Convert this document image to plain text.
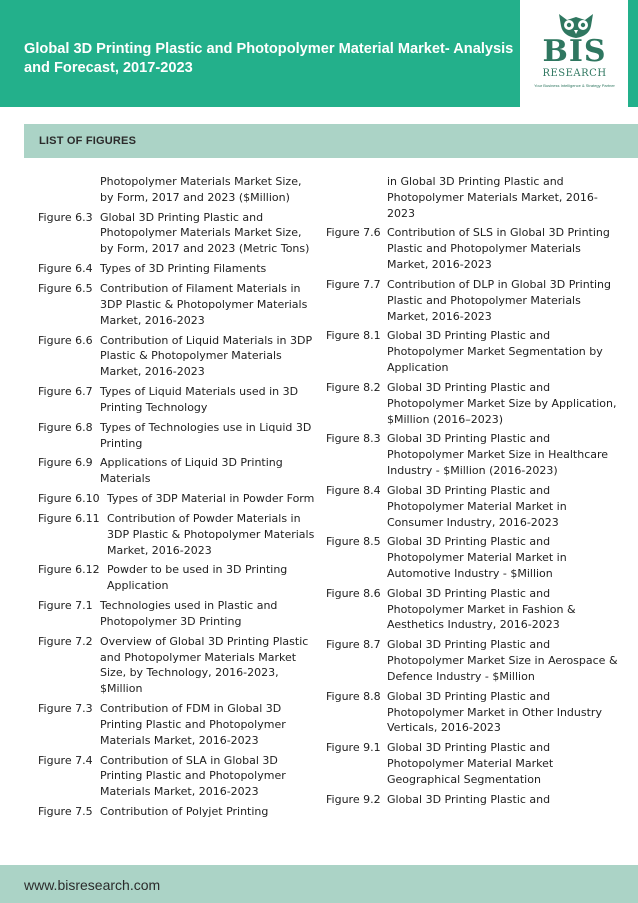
Global 3D Printing Plastic and Photopolymer Material Market- Analysis and Forecast, 2017-2023	BIS
RESEARCH
Your Business Intelligence & Strategy Partner
LIST OF FIGURES
Photopolymer Materials Market Size, by Form, 2017 and 2023 ($Million)
Figure 6.3 Global 3D Printing Plastic and Photopolymer Materials Market Size, by Form, 2017 and 2023 (Metric Tons)
Figure 6.4 Types of 3D Printing Filaments
Figure 6.5 Contribution of Filament Materials in 3DP Plastic & Photopolymer Materials Market, 2016-2023
Figure 6.6 Contribution of Liquid Materials in 3DP Plastic & Photopolymer Materials Market, 2016-2023
Figure 6.7 Types of Liquid Materials used in 3D Printing Technology
Figure 6.8 Types of Technologies use in Liquid 3D Printing
Figure 6.9 Applications of Liquid 3D Printing Materials
Figure 6.10 Types of 3DP Material in Powder Form
Figure 6.11 Contribution of Powder Materials in 3DP Plastic & Photopolymer Materials Market, 2016-2023
Figure 6.12 Powder to be used in 3D Printing Application
Figure 7.1 Technologies used in Plastic and Photopolymer 3D Printing
Figure 7.2 Overview of Global 3D Printing Plastic and Photopolymer Materials Market Size, by Technology, 2016-2023, $Million
Figure 7.3 Contribution of FDM in Global 3D Printing Plastic and Photopolymer Materials Market, 2016-2023
Figure 7.4 Contribution of SLA in Global 3D Printing Plastic and Photopolymer Materials Market, 2016-2023
Figure 7.5 Contribution of Polyjet Printing
in Global 3D Printing Plastic and Photopolymer Materials Market, 2016-2023
Figure 7.6 Contribution of SLS in Global 3D Printing Plastic and Photopolymer Materials Market, 2016-2023
Figure 7.7 Contribution of DLP in Global 3D Printing Plastic and Photopolymer Materials Market, 2016-2023
Figure 8.1 Global 3D Printing Plastic and Photopolymer Market Segmentation by Application
Figure 8.2 Global 3D Printing Plastic and Photopolymer Market Size by Application, $Million (2016–2023)
Figure 8.3 Global 3D Printing Plastic and Photopolymer Market Size in Healthcare Industry - $Million (2016-2023)
Figure 8.4 Global 3D Printing Plastic and Photopolymer Material Market in Consumer Industry, 2016-2023
Figure 8.5 Global 3D Printing Plastic and Photopolymer Material Market in Automotive Industry - $Million
Figure 8.6 Global 3D Printing Plastic and Photopolymer Market in Fashion & Aesthetics Industry, 2016-2023
Figure 8.7 Global 3D Printing Plastic and Photopolymer Market Size in Aerospace & Defence Industry - $Million
Figure 8.8 Global 3D Printing Plastic and Photopolymer Market in Other Industry Verticals, 2016-2023
Figure 9.1 Global 3D Printing Plastic and Photopolymer Material Market Geographical Segmentation
Figure 9.2 Global 3D Printing Plastic and
www.bisresearch.com
